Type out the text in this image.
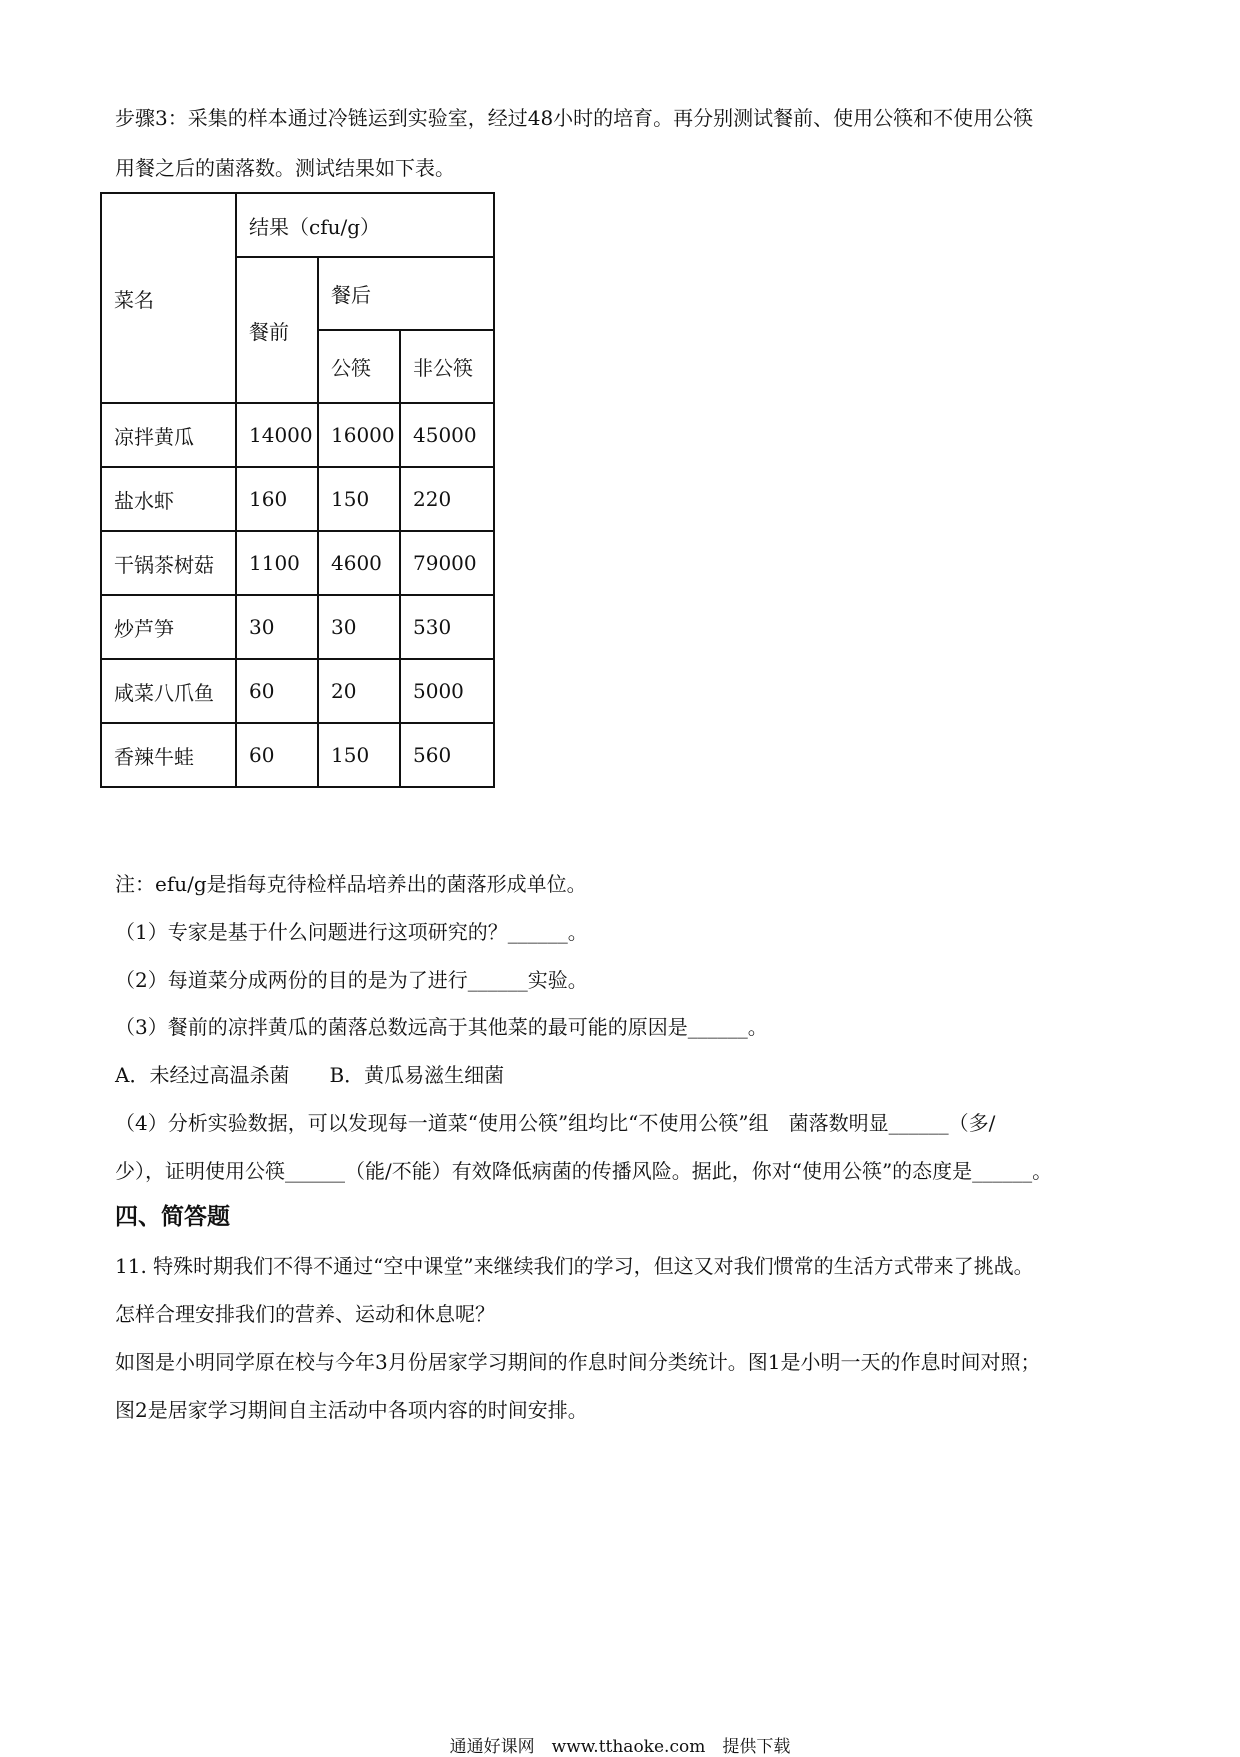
步骤3：采集的样本通过冷链运到实验室，经过48小时的培育。再分别测试餐前、使用公筷和不使用公筷
用餐之后的菌落数。测试结果如下表。
菜名	结果（cfu/g）		
	餐前	餐后	
		公筷	非公筷
凉拌黄瓜	14000	16000	45000
盐水虾	160	150	220
干锅茶树菇	1100	4600	79000
炒芦笋	30	30	530
咸菜八爪鱼	60	20	5000
香辣牛蛙	60	150	560
注：efu/g是指每克待检样品培养出的菌落形成单位。
（1）专家是基于什么问题进行这项研究的？______。
（2）每道菜分成两份的目的是为了进行______实验。
（3）餐前的凉拌黄瓜的菌落总数远高于其他菜的最可能的原因是______。
A．未经过高温杀菌　　B．黄瓜易滋生细菌
（4）分析实验数据，可以发现每一道菜“使用公筷”组均比“不使用公筷”组　菌落数明显______（多/
少），证明使用公筷______（能/不能）有效降低病菌的传播风险。据此，你对“使用公筷”的态度是______。
四、简答题
11. 特殊时期我们不得不通过“空中课堂”来继续我们的学习，但这又对我们惯常的生活方式带来了挑战。
怎样合理安排我们的营养、运动和休息呢？
如图是小明同学原在校与今年3月份居家学习期间的作息时间分类统计。图1是小明一天的作息时间对照；
图2是居家学习期间自主活动中各项内容的时间安排。
通通好课网　www.tthaoke.com　提供下载
